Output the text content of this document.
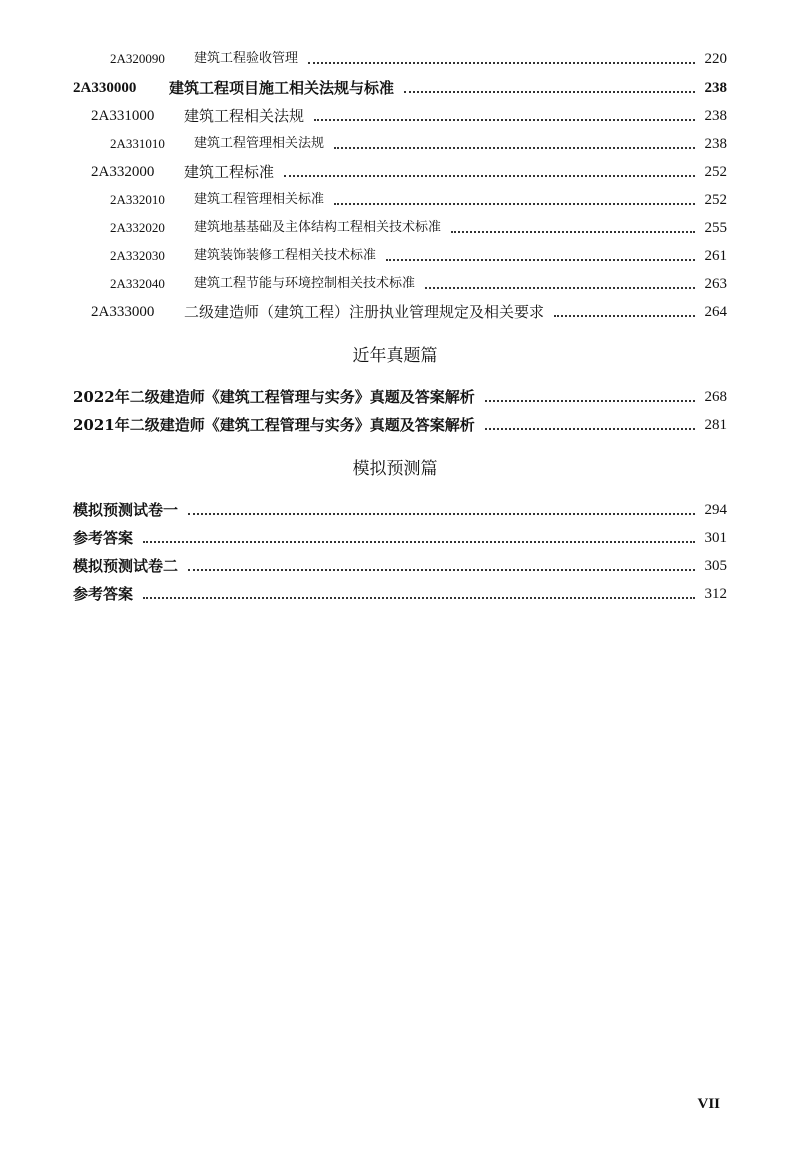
2A320090	建筑工程验收管理	220
2A330000	建筑工程项目施工相关法规与标准	238
2A331000	建筑工程相关法规	238
2A331010	建筑工程管理相关法规	238
2A332000	建筑工程标准	252
2A332010	建筑工程管理相关标准	252
2A332020	建筑地基基础及主体结构工程相关技术标准	255
2A332030	建筑装饰装修工程相关技术标准	261
2A332040	建筑工程节能与环境控制相关技术标准	263
2A333000	二级建造师（建筑工程）注册执业管理规定及相关要求	264
近年真题篇
2022年二级建造师《建筑工程管理与实务》真题及答案解析	268
2021年二级建造师《建筑工程管理与实务》真题及答案解析	281
模拟预测篇
模拟预测试卷一	294
参考答案	301
模拟预测试卷二	305
参考答案	312
VII
